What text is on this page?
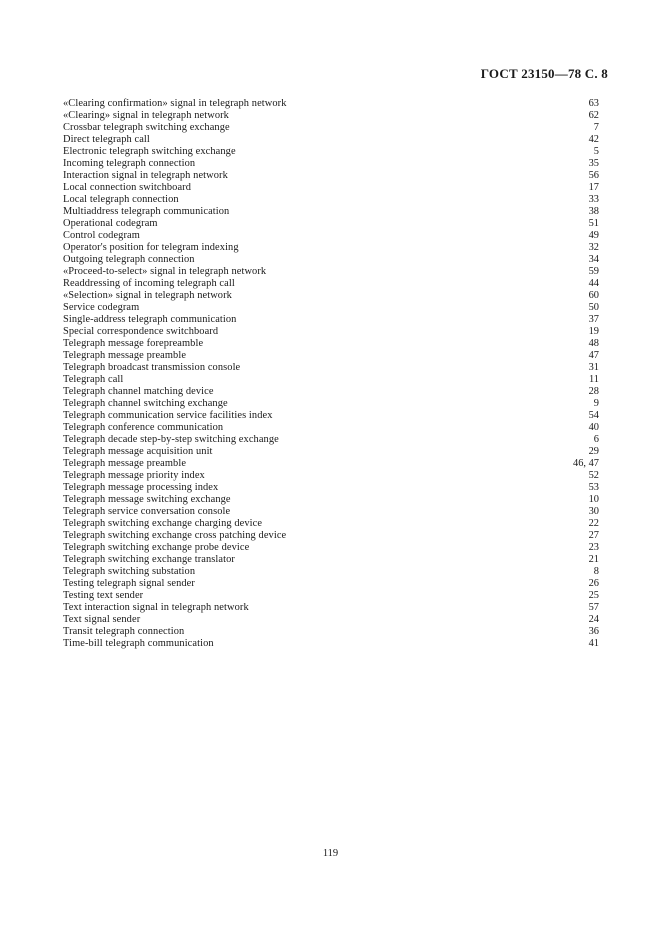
ГОСТ 23150—78 С. 8
«Clearing confirmation» signal in telegraph network	63
«Clearing» signal in telegraph network	62
Crossbar telegraph switching exchange	7
Direct telegraph call	42
Electronic telegraph switching exchange	5
Incoming telegraph connection	35
Interaction signal in telegraph network	56
Local connection switchboard	17
Local telegraph connection	33
Multiaddress telegraph communication	38
Operational codegram	51
Control codegram	49
Operator's position for telegram indexing	32
Outgoing telegraph connection	34
«Proceed-to-select» signal in telegraph network	59
Readdressing of incoming telegraph call	44
«Selection» signal in telegraph network	60
Service codegram	50
Single-address telegraph communication	37
Special correspondence switchboard	19
Telegraph message forepreamble	48
Telegraph message preamble	47
Telegraph broadcast transmission console	31
Telegraph call	11
Telegraph channel matching device	28
Telegraph channel switching exchange	9
Telegraph communication service facilities index	54
Telegraph conference communication	40
Telegraph decade step-by-step switching exchange	6
Telegraph message acquisition unit	29
Telegraph message preamble	46, 47
Telegraph message priority index	52
Telegraph message processing index	53
Telegraph message switching exchange	10
Telegraph service conversation console	30
Telegraph switching exchange charging device	22
Telegraph switching exchange cross patching device	27
Telegraph switching exchange probe device	23
Telegraph switching exchange translator	21
Telegraph switching substation	8
Testing telegraph signal sender	26
Testing text sender	25
Text interaction signal in telegraph network	57
Text signal sender	24
Transit telegraph connection	36
Time-bill telegraph communication	41
119
